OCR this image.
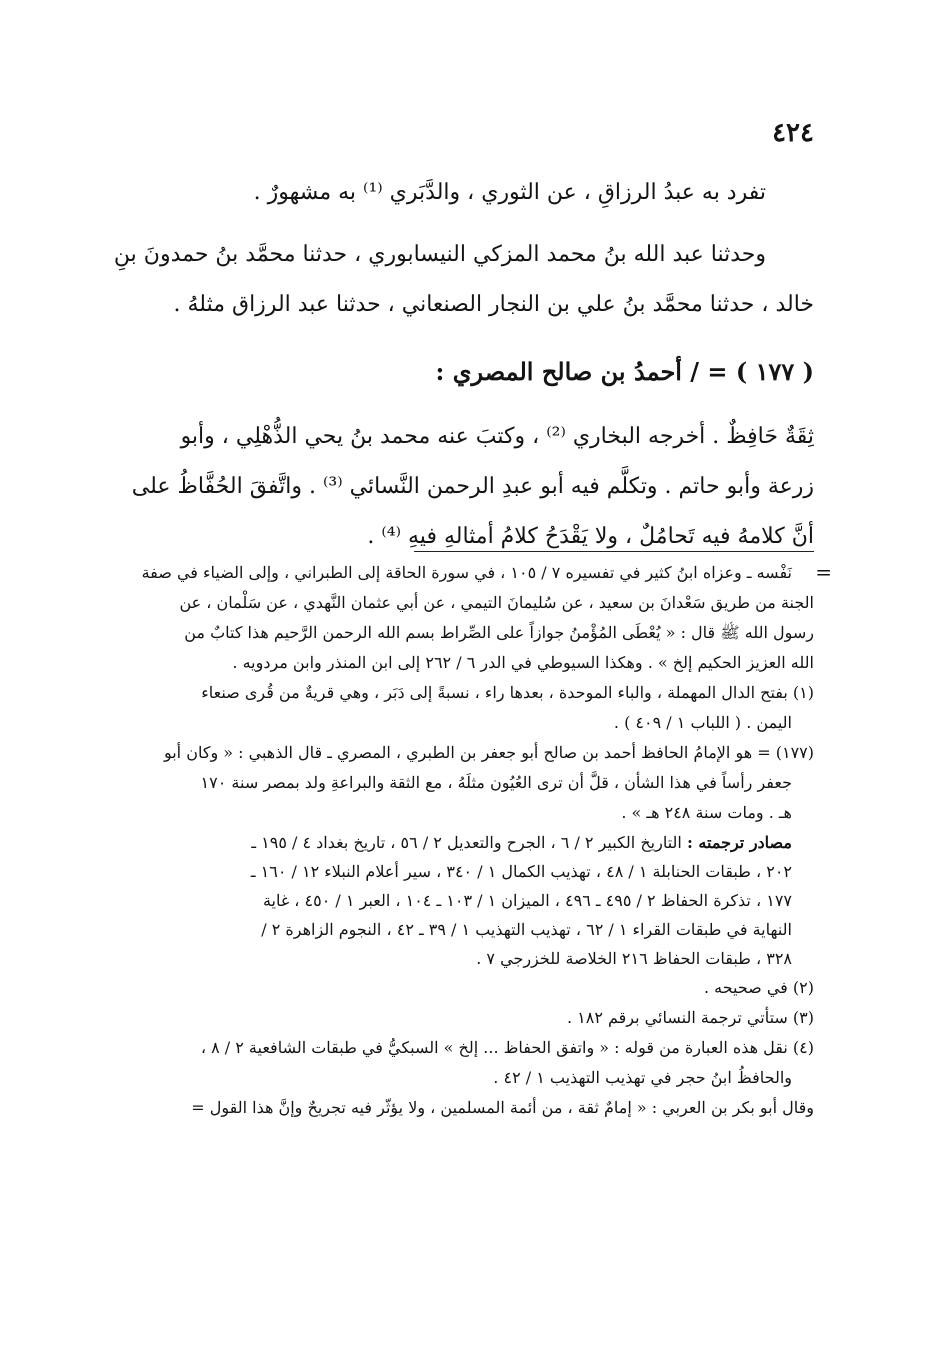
٤٢٤

تفرد به عبدُ الرزاقِ ، عن الثوري ، والدَّبَري ⁽¹⁾ به مشهورٌ .

وحدثنا عبد الله بنُ محمد المزكي النيسابوري ، حدثنا محمَّد بنُ حمدونَ بنِ

خالد ، حدثنا محمَّد بنُ علي بن النجار الصنعاني ، حدثنا عبد الرزاق مثلهُ .

( ١٧٧ ) = / أحمدُ بن صالح المصري :

ثِقَةٌ حَافِظٌ . أخرجه البخاري ⁽²⁾ ، وكتبَ عنه محمد بنُ يحي الذُّهْلِي ، وأبو

زرعة وأبو حاتم . وتكلَّم فيه أبو عبدِ الرحمن النَّسائي ⁽³⁾ . واتَّفقَ الحُفَّاظُ على

أنَّ كلامهُ فيه تَحامُلٌ ، ولا يَقْدَحُ كلامُ أمثالهِ فيهِ ⁽⁴⁾ .

=

نَفْسه ـ وعزاه ابنُ كثير في تفسيره ٧ / ١٠٥ ، في سورة الحاقة إلى الطبراني ، وإلى الضياء في صفة

الجنة من طريق سَعْدانَ بن سعيد ، عن سُليمانَ التيمي ، عن أبي عثمان النَّهدي ، عن سَلْمان ، عن

رسول الله ﷺ قال : « يُعْطَى المُؤْمنُ جوازاً على الصِّراط بسم الله الرحمن الرَّحيم هذا كتابٌ من

الله العزيز الحكيم إلخ » . وهكذا السيوطي في الدر ٦ / ٢٦٢ إلى ابن المنذر وابن مردويه .

(١) بفتح الدال المهملة ، والباء الموحدة ، بعدها راء ، نسبةً إلى دَبَر ، وهي قريةٌ من قُرى صنعاء

اليمن . ( اللباب ١ / ٤٠٩ ) .

(١٧٧) = هو الإمامُ الحافظ أحمد بن صالح أبو جعفر بن الطبري ، المصري ـ قال الذهبي : « وكان أبو

جعفر رأساً في هذا الشأن ، قلَّ أن ترى العُيُون مثلَهُ ، مع الثقة والبراعةِ ولد بمصر سنة ١٧٠

هـ . ومات سنة ٢٤٨ هـ » .

مصادر ترجمته : التاريخ الكبير ٢ / ٦ ، الجرح والتعديل ٢ / ٥٦ ، تاريخ بغداد ٤ / ١٩٥ ـ

٢٠٢ ، طبقات الحنابلة ١ / ٤٨ ، تهذيب الكمال ١ / ٣٤٠ ، سير أعلام النبلاء ١٢ / ١٦٠ ـ

١٧٧ ، تذكرة الحفاظ ٢ / ٤٩٥ ـ ٤٩٦ ، الميزان ١ / ١٠٣ ـ ١٠٤ ، العبر ١ / ٤٥٠ ، غاية

النهاية في طبقات القراء ١ / ٦٢ ، تهذيب التهذيب ١ / ٣٩ ـ ٤٢ ، النجوم الزاهرة ٢ /

٣٢٨ ، طبقات الحفاظ ٢١٦ الخلاصة للخزرجي ٧ .

(٢) في صحيحه .

(٣) ستأتي ترجمة النسائي برقم ١٨٢ .

(٤) نقل هذه العبارة من قوله : « واتفق الحفاظ ... إلخ » السبكيُّ في طبقات الشافعية ٢ / ٨ ،

والحافظُ ابنُ حجر في تهذيب التهذيب ١ / ٤٢ .

وقال أبو بكر بن العربي : « إمامٌ ثقة ، من أئمة المسلمين ، ولا يؤثّر فيه تجريحٌ وإنَّ هذا القول =
